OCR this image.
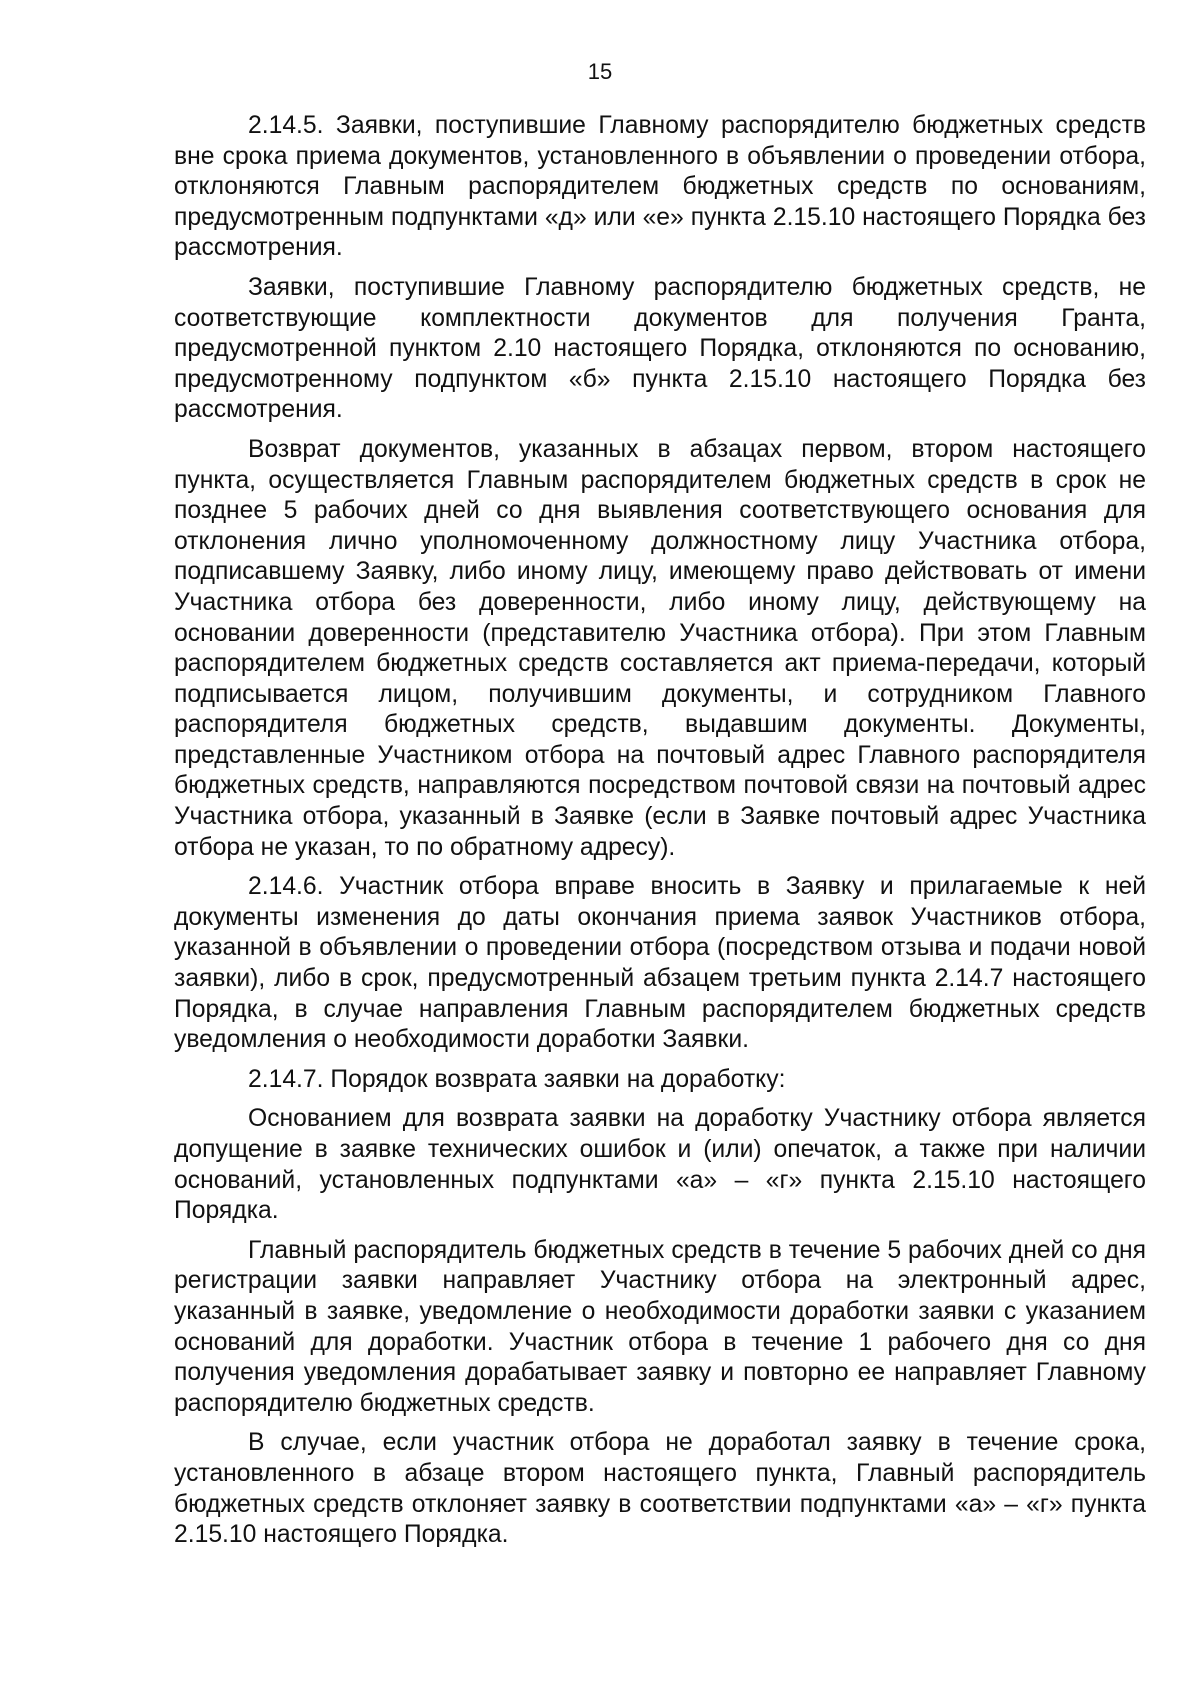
15

2.14.5. Заявки, поступившие Главному распорядителю бюджетных средств вне срока приема документов, установленного в объявлении о проведении отбора, отклоняются Главным распорядителем бюджетных средств по основаниям, предусмотренным подпунктами «д» или «е» пункта 2.15.10 настоящего Порядка без рассмотрения.

Заявки, поступившие Главному распорядителю бюджетных средств, не соответствующие комплектности документов для получения Гранта, предусмотренной пунктом 2.10 настоящего Порядка, отклоняются по основанию, предусмотренному подпунктом «б» пункта 2.15.10 настоящего Порядка без рассмотрения.

Возврат документов, указанных в абзацах первом, втором настоящего пункта, осуществляется Главным распорядителем бюджетных средств в срок не позднее 5 рабочих дней со дня выявления соответствующего основания для отклонения лично уполномоченному должностному лицу Участника отбора, подписавшему Заявку, либо иному лицу, имеющему право действовать от имени Участника отбора без доверенности, либо иному лицу, действующему на основании доверенности (представителю Участника отбора). При этом Главным распорядителем бюджетных средств составляется акт приема-передачи, который подписывается лицом, получившим документы, и сотрудником Главного распорядителя бюджетных средств, выдавшим документы. Документы, представленные Участником отбора на почтовый адрес Главного распорядителя бюджетных средств, направляются посредством почтовой связи на почтовый адрес Участника отбора, указанный в Заявке (если в Заявке почтовый адрес Участника отбора не указан, то по обратному адресу).

2.14.6. Участник отбора вправе вносить в Заявку и прилагаемые к ней документы изменения до даты окончания приема заявок Участников отбора, указанной в объявлении о проведении отбора (посредством отзыва и подачи новой заявки), либо в срок, предусмотренный абзацем третьим пункта 2.14.7 настоящего Порядка, в случае направления Главным распорядителем бюджетных средств уведомления о необходимости доработки Заявки.

2.14.7. Порядок возврата заявки на доработку:

Основанием для возврата заявки на доработку Участнику отбора является допущение в заявке технических ошибок и (или) опечаток, а также при наличии оснований, установленных подпунктами «а» – «г» пункта 2.15.10 настоящего Порядка.

Главный распорядитель бюджетных средств в течение 5 рабочих дней со дня регистрации заявки направляет Участнику отбора на электронный адрес, указанный в заявке, уведомление о необходимости доработки заявки с указанием оснований для доработки. Участник отбора в течение 1 рабочего дня со дня получения уведомления дорабатывает заявку и повторно ее направляет Главному распорядителю бюджетных средств.

В случае, если участник отбора не доработал заявку в течение срока, установленного в абзаце втором настоящего пункта, Главный распорядитель бюджетных средств отклоняет заявку в соответствии подпунктами «а» – «г» пункта 2.15.10 настоящего Порядка.
